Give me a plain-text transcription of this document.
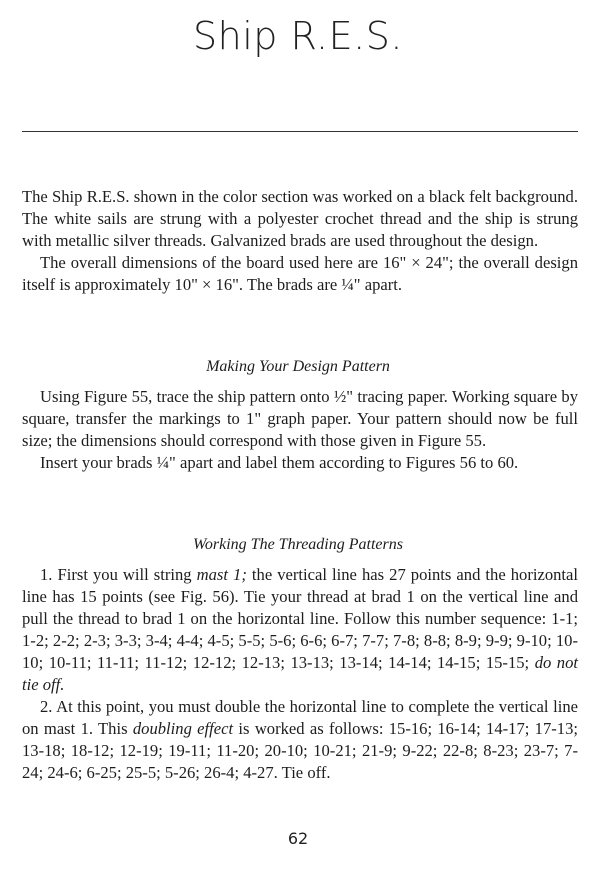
Ship R.E.S.

The Ship R.E.S. shown in the color section was worked on a black felt background. The white sails are strung with a polyester crochet thread and the ship is strung with metallic silver threads. Galvanized brads are used throughout the design.

The overall dimensions of the board used here are 16" × 24"; the overall design itself is approximately 10" × 16". The brads are ¼" apart.

Making Your Design Pattern

Using Figure 55, trace the ship pattern onto ½" tracing paper. Working square by square, transfer the markings to 1" graph paper. Your pattern should now be full size; the dimensions should correspond with those given in Figure 55.

Insert your brads ¼" apart and label them according to Figures 56 to 60.

Working The Threading Patterns

1. First you will string mast 1; the vertical line has 27 points and the horizontal line has 15 points (see Fig. 56). Tie your thread at brad 1 on the vertical line and pull the thread to brad 1 on the horizontal line. Follow this number sequence: 1-1; 1-2; 2-2; 2-3; 3-3; 3-4; 4-4; 4-5; 5-5; 5-6; 6-6; 6-7; 7-7; 7-8; 8-8; 8-9; 9-9; 9-10; 10-10; 10-11; 11-11; 11-12; 12-12; 12-13; 13-13; 13-14; 14-14; 14-15; 15-15; do not tie off.

2. At this point, you must double the horizontal line to complete the vertical line on mast 1. This doubling effect is worked as follows: 15-16; 16-14; 14-17; 17-13; 13-18; 18-12; 12-19; 19-11; 11-20; 20-10; 10-21; 21-9; 9-22; 22-8; 8-23; 23-7; 7-24; 24-6; 6-25; 25-5; 5-26; 26-4; 4-27. Tie off.

62
